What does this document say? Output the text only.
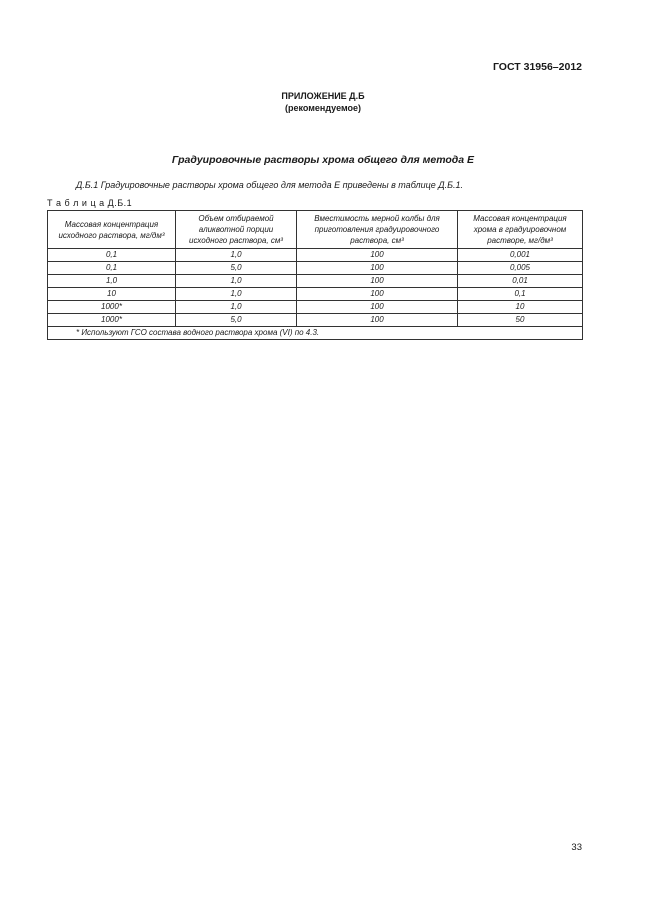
ГОСТ 31956–2012
ПРИЛОЖЕНИЕ Д.Б
(рекомендуемое)
Градуировочные растворы хрома общего для метода Е
Д.Б.1 Градуировочные растворы хрома общего для метода Е приведены в таблице Д.Б.1.
Т а б л и ц а Д.Б.1
Массовая концентрация исходного раствора, мг/дм³	Объем отбираемой аликвотной порции исходного раствора, см³	Вместимость мерной колбы для приготовления градуировочного раствора, см³	Массовая концентрация хрома в градуировочном растворе, мг/дм³
0,1	1,0	100	0,001
0,1	5,0	100	0,005
1,0	1,0	100	0,01
10	1,0	100	0,1
1000*	1,0	100	10
1000*	5,0	100	50
* Используют ГСО состава водного раствора хрома (VI) по 4.3.			
33
